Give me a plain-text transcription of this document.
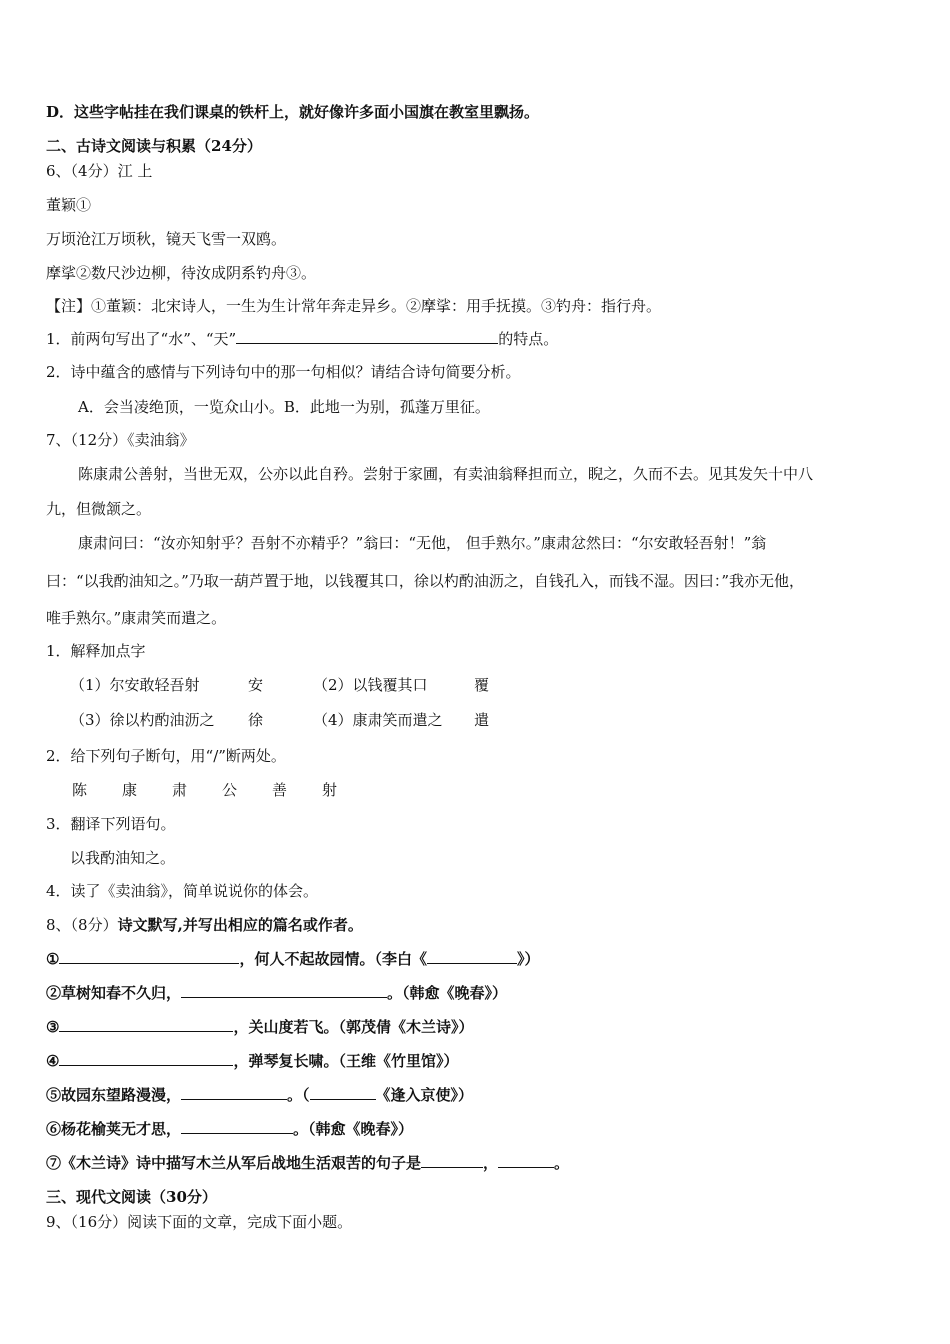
D．这些字帖挂在我们课桌的铁杆上，就好像许多面小国旗在教室里飘扬。
二、古诗文阅读与积累（24分）
6、（4分）江 上
董颖①
万顷沧江万顷秋，镜天飞雪一双鸥。
摩挲②数尺沙边柳，待汝成阴系钓舟③。
【注】①董颖：北宋诗人，一生为生计常年奔走异乡。②摩挲：用手抚摸。③钓舟：指行舟。
1．前两句写出了“水”、“天”	的特点。
2．诗中蕴含的感情与下列诗句中的那一句相似？请结合诗句简要分析。
A．会当凌绝顶，一览众山小。B．此地一为别，孤蓬万里征。
7、（12分）《卖油翁》
陈康肃公善射，当世无双，公亦以此自矜。尝射于家圃，有卖油翁释担而立，睨之，久而不去。见其发矢十中八
九，但微颔之。
康肃问曰：“汝亦知射乎？吾射不亦精乎？”翁曰：“无他， 但手熟尔。”康肃忿然曰：“尔安敢轻吾射！”翁
曰：“以我酌油知之。”乃取一葫芦置于地，以钱覆其口，徐以杓酌油沥之，自钱孔入，而钱不湿。因曰：”我亦无他，
唯手熟尔。”康肃笑而遣之。
1．解释加点字
（1）尔安敢轻吾射	安	（2）以钱覆其口	覆
（3）徐以杓酌油沥之 徐	（4）康肃笑而遣之 遣
2．给下列句子断句，用“/”断两处。
陈 康 肃 公 善 射
3．翻译下列语句。
以我酌油知之。
4．读了《卖油翁》，简单说说你的体会。
8、（8分）诗文默写,并写出相应的篇名或作者。
①	，何人不起故园情。（李白《	》）
②草树知春不久归，	。（韩愈《晚春》）
③	，关山度若飞。（郭茂倩《木兰诗》）
④	，弹琴复长啸。（王维《竹里馆》）
⑤故园东望路漫漫，	。（	《逢入京使》）
⑥杨花榆荚无才思，	。（韩愈《晚春》）
⑦《木兰诗》诗中描写木兰从军后战地生活艰苦的句子是	，	。
三、现代文阅读（30分）
9、（16分）阅读下面的文章，完成下面小题。
